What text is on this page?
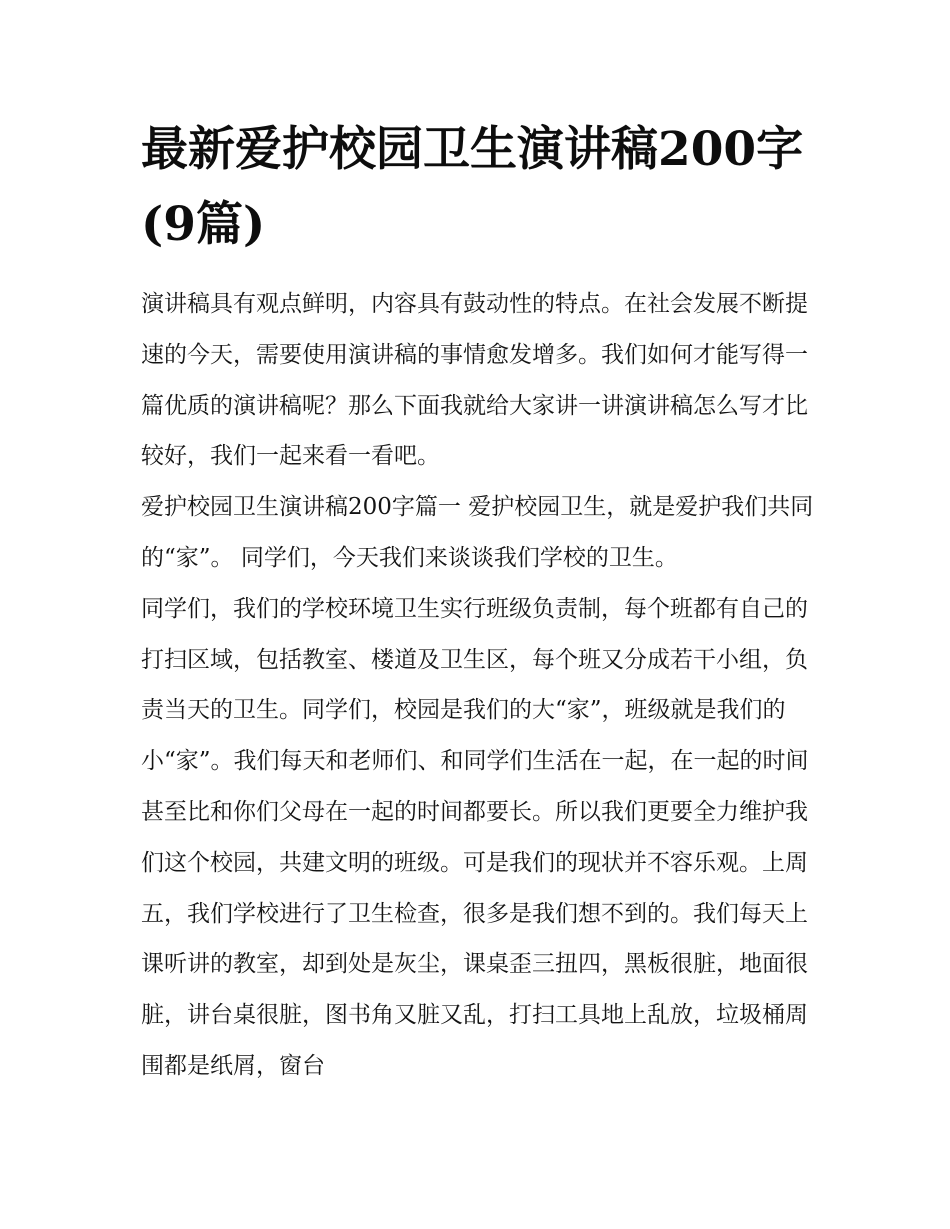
最新爱护校园卫生演讲稿200字(9篇)

演讲稿具有观点鲜明，内容具有鼓动性的特点。在社会发展不断提速的今天，需要使用演讲稿的事情愈发增多。我们如何才能写得一篇优质的演讲稿呢？那么下面我就给大家讲一讲演讲稿怎么写才比较好，我们一起来看一看吧。

爱护校园卫生演讲稿200字篇一 爱护校园卫生，就是爱护我们共同的“家”。 同学们，今天我们来谈谈我们学校的卫生。

同学们，我们的学校环境卫生实行班级负责制，每个班都有自己的打扫区域，包括教室、楼道及卫生区，每个班又分成若干小组，负责当天的卫生。同学们，校园是我们的大“家”，班级就是我们的小“家”。我们每天和老师们、和同学们生活在一起，在一起的时间甚至比和你们父母在一起的时间都要长。所以我们更要全力维护我们这个校园，共建文明的班级。可是我们的现状并不容乐观。上周五，我们学校进行了卫生检查，很多是我们想不到的。我们每天上课听讲的教室，却到处是灰尘，课桌歪三扭四，黑板很脏，地面很脏，讲台桌很脏，图书角又脏又乱，打扫工具地上乱放，垃圾桶周围都是纸屑，窗台
